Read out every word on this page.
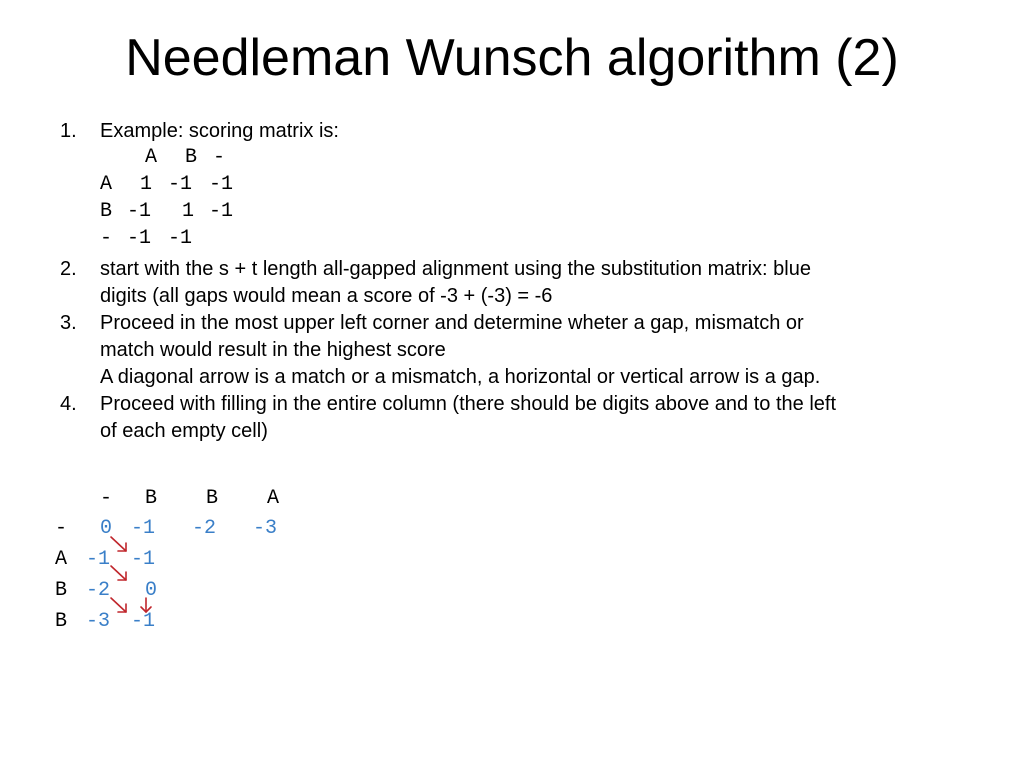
Needleman Wunsch algorithm (2)
1. Example: scoring matrix is:
A B -
A 1 -1 -1
B -1 1 -1
- -1 -1
2. start with the s + t length all-gapped alignment using the substitution matrix: blue
digits (all gaps would mean a score of -3 + (-3) = -6
3. Proceed in the most upper left corner and determine wheter a gap, mismatch or
match would result in the highest score
A diagonal arrow is a match or a mismatch, a horizontal or vertical arrow is a gap.
4. Proceed with filling in the entire column (there should be digits above and to the left
of each empty cell)
- B B A
- 0 -1 -2 -3
A -1 -1
B -2 0
B -3 -1
